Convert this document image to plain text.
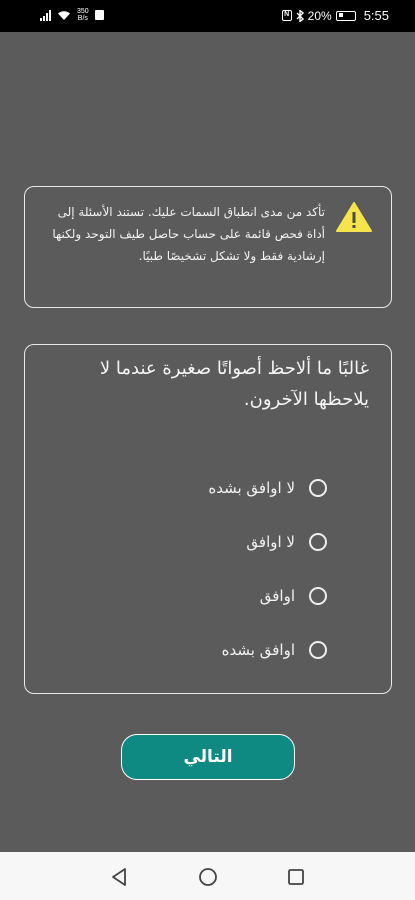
350
B/s
N 20% 5:55
تأكد من مدى انطباق السمات عليك. تستند الأسئلة إلى أداة فحص قائمة على حساب حاصل طيف التوحد ولكنها إرشادية فقط ولا تشكل تشخيصًا طبيًا.
غالبًا ما ألاحظ أصواتًا صغيرة عندما لا يلاحظها الآخرون.
لا اوافق بشده
لا اوافق
اوافق
اوافق بشده
التالي
